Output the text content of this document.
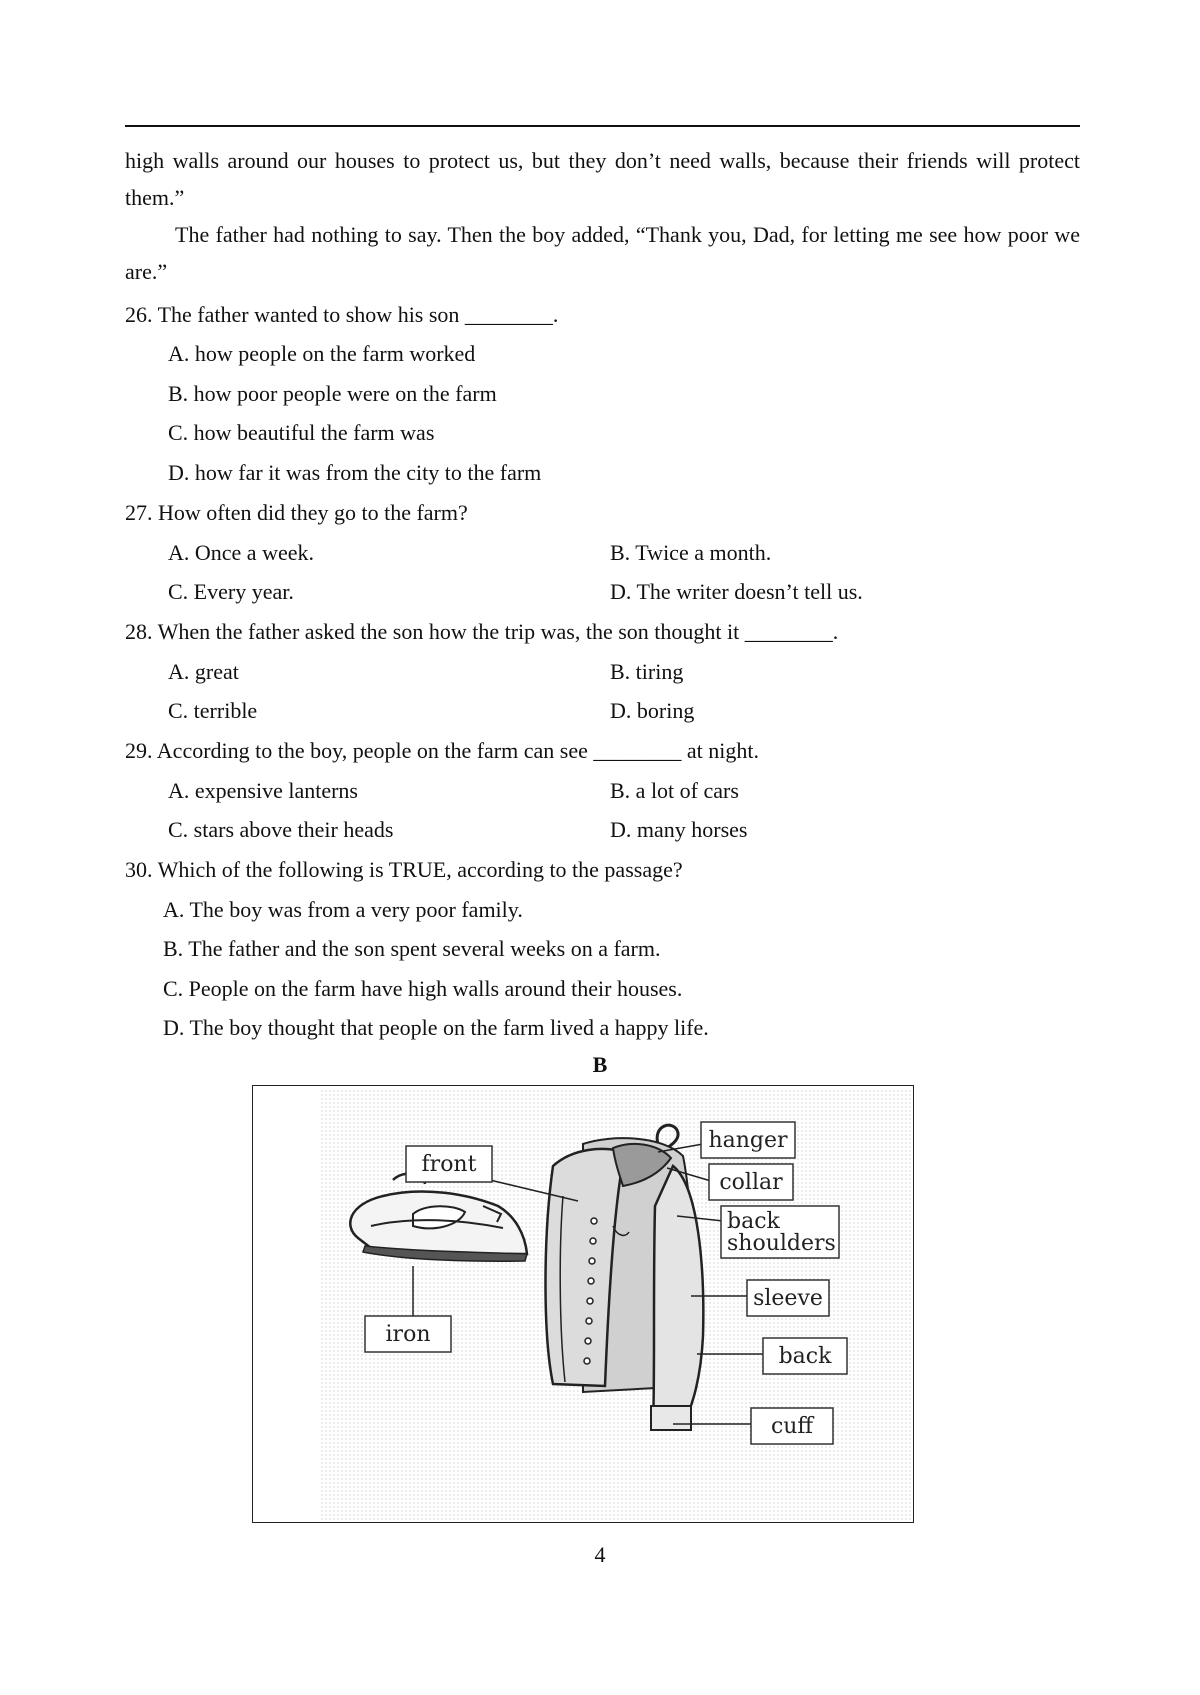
high walls around our houses to protect us, but they don’t need walls, because their friends will protect them.”

The father had nothing to say. Then the boy added, “Thank you, Dad, for letting me see how poor we are.”

26. The father wanted to show his son ________.
A. how people on the farm worked
B. how poor people were on the farm
C. how beautiful the farm was
D. how far it was from the city to the farm
27. How often did they go to the farm?
A. Once a week.	B. Twice a month.
C. Every year.	D. The writer doesn’t tell us.
28. When the father asked the son how the trip was, the son thought it ________.
A. great	B. tiring
C. terrible	D. boring
29. According to the boy, people on the farm can see ________ at night.
A. expensive lanterns	B. a lot of cars
C. stars above their heads	D. many horses
30. Which of the following is TRUE, according to the passage?
A. The boy was from a very poor family.
B. The father and the son spent several weeks on a farm.
C. People on the farm have high walls around their houses.
D. The boy thought that people on the farm lived a happy life.
B
front
iron
hanger
collar
back
shoulders
sleeve
back
cuff
4
